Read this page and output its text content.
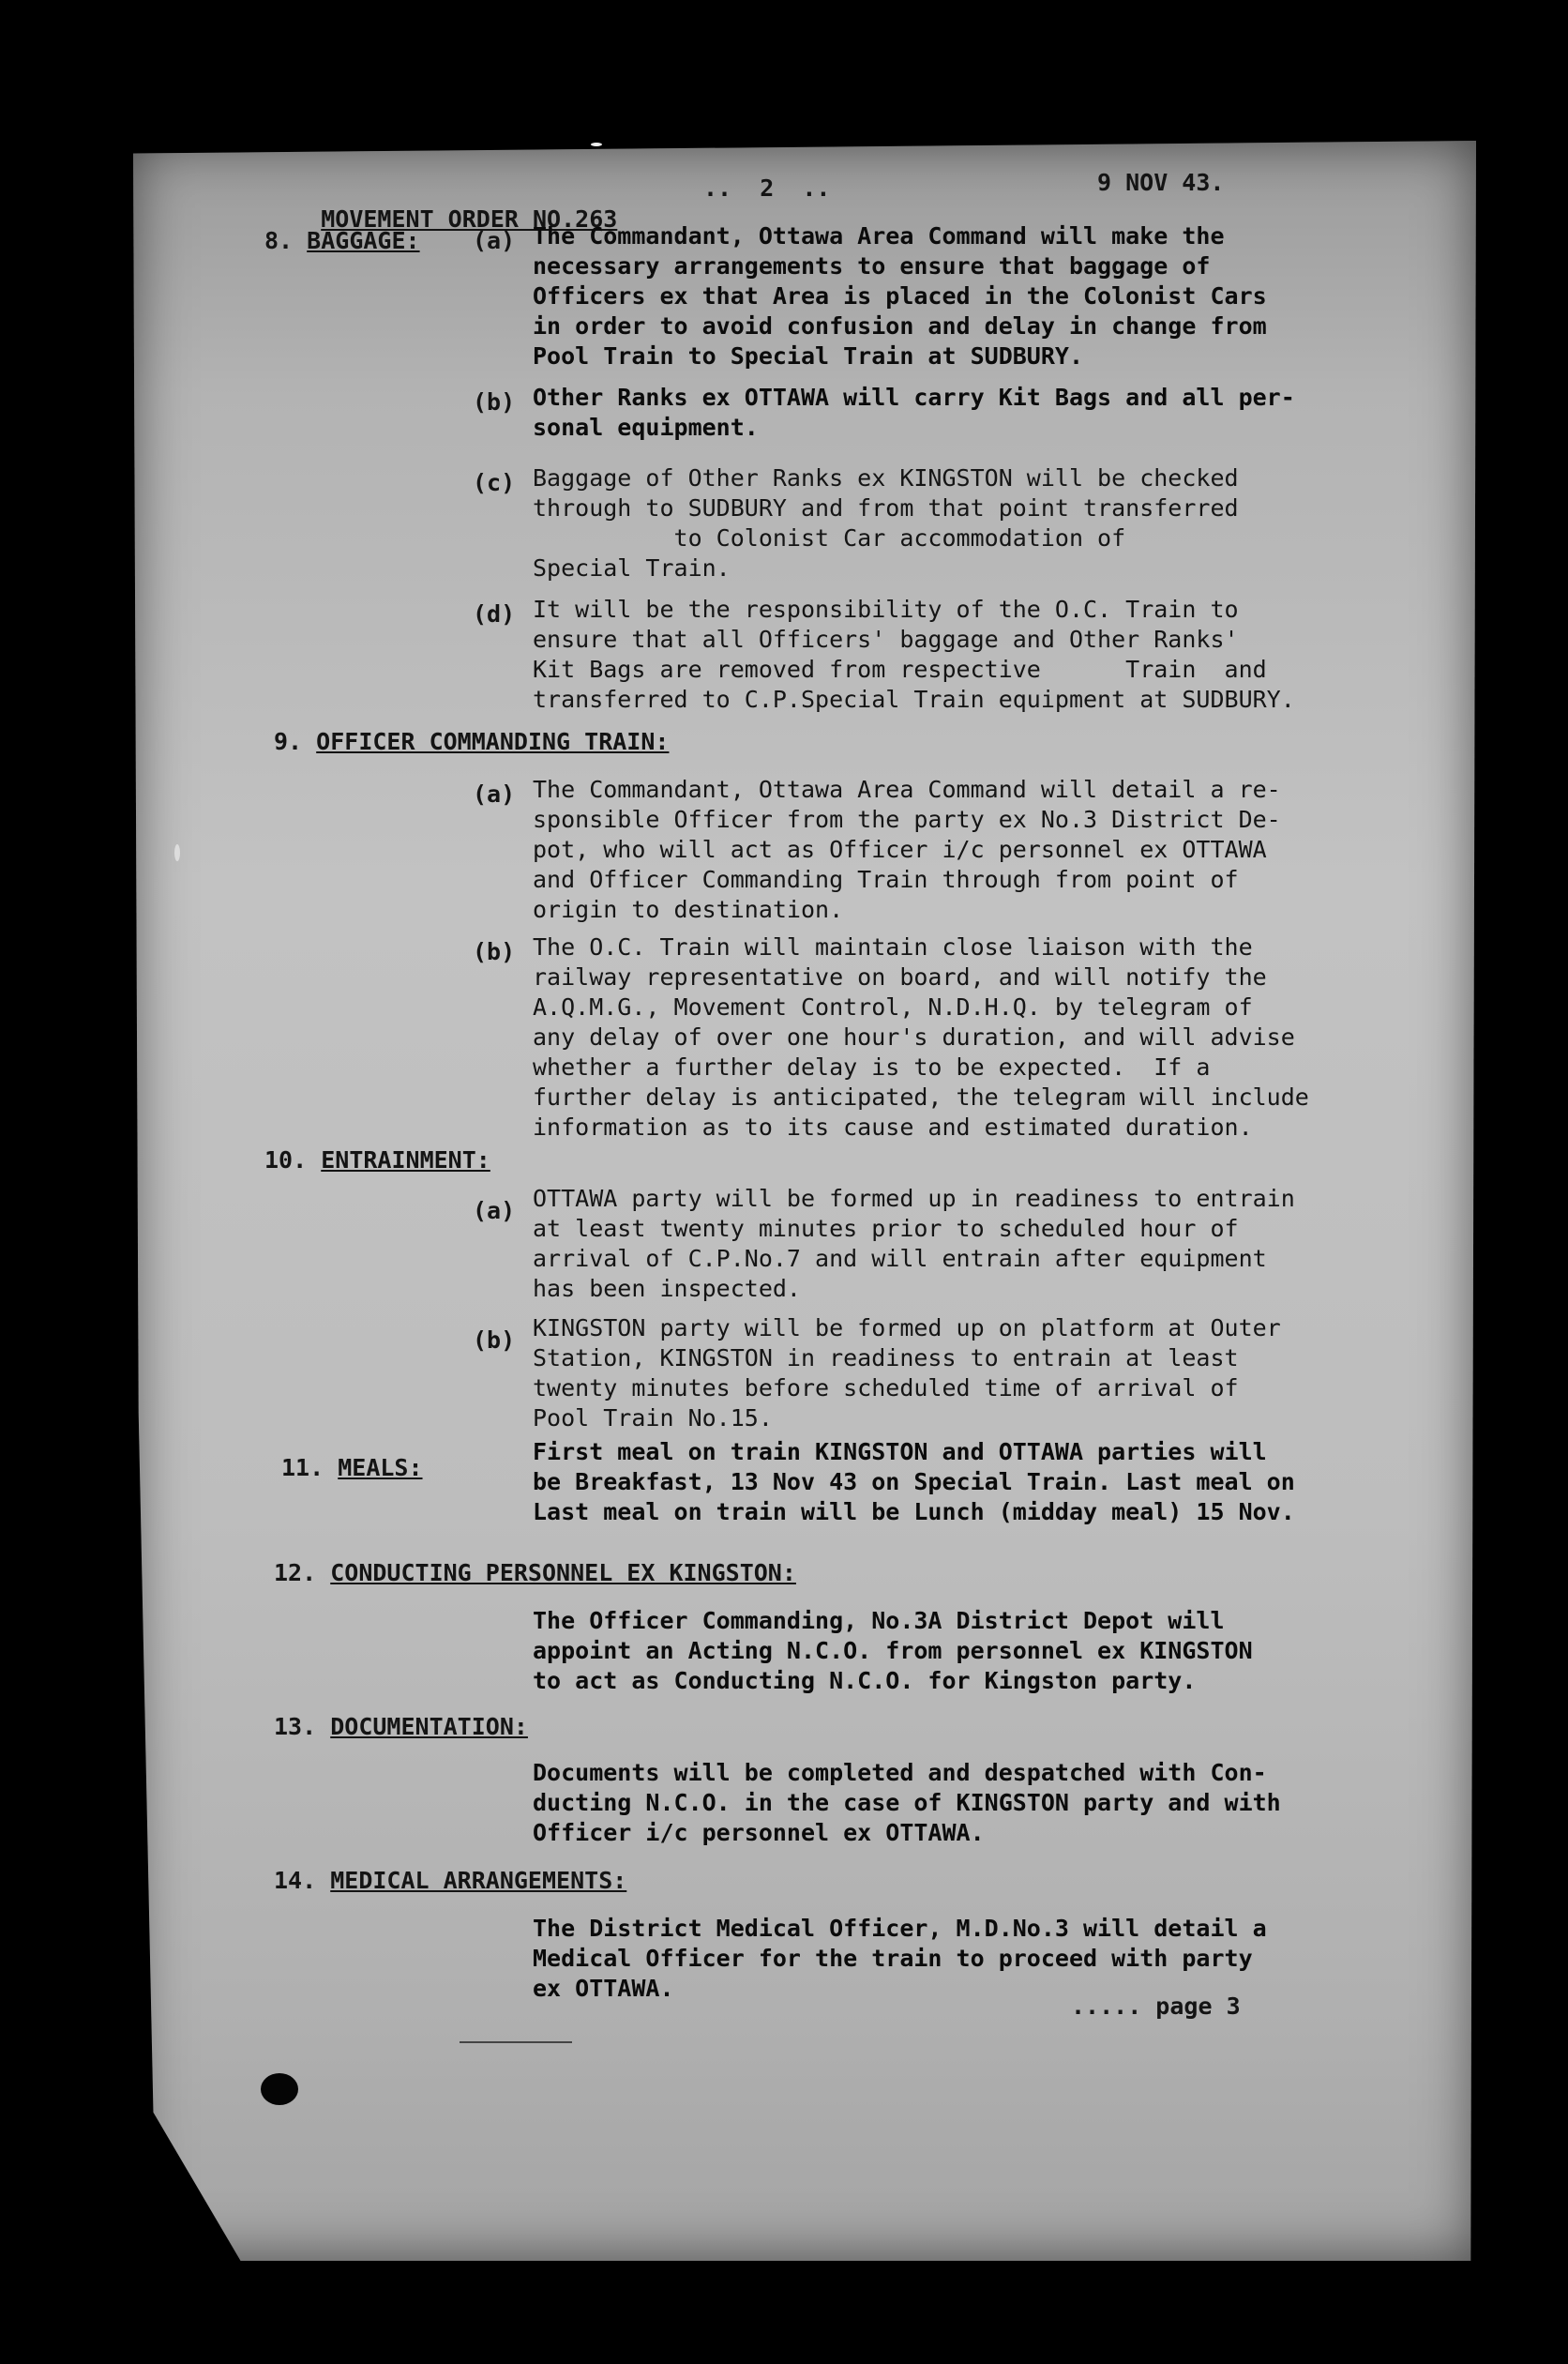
MOVEMENT ORDER NO.263

..  2  ..	9 NOV 43.
8. BAGGAGE: (a) The Commandant, Ottawa Area Command will make the
necessary arrangements to ensure that baggage of
Officers ex that Area is placed in the Colonist Cars
in order to avoid confusion and delay in change from
Pool Train to Special Train at SUDBURY.
(b) Other Ranks ex OTTAWA will carry Kit Bags and all per-
sonal equipment.
(c) Baggage of Other Ranks ex KINGSTON will be checked
through to SUDBURY and from that point transferred
to Colonist Car accommodation of
Special Train.
(d) It will be the responsibility of the O.C. Train to
ensure that all Officers' baggage and Other Ranks'
Kit Bags are removed from respective      Train  and
transferred to C.P.Special Train equipment at SUDBURY.
9. OFFICER COMMANDING TRAIN:
(a) The Commandant, Ottawa Area Command will detail a re-
sponsible Officer from the party ex No.3 District De-
pot, who will act as Officer i/c personnel ex OTTAWA
and Officer Commanding Train through from point of
origin to destination.
(b) The O.C. Train will maintain close liaison with the
railway representative on board, and will notify the
A.Q.M.G., Movement Control, N.D.H.Q. by telegram of
any delay of over one hour's duration, and will advise
whether a further delay is to be expected.  If a
further delay is anticipated, the telegram will include
information as to its cause and estimated duration.
10. ENTRAINMENT:
(a) OTTAWA party will be formed up in readiness to entrain
at least twenty minutes prior to scheduled hour of
arrival of C.P.No.7 and will entrain after equipment
has been inspected.
(b) KINGSTON party will be formed up on platform at Outer
Station, KINGSTON in readiness to entrain at least
twenty minutes before scheduled time of arrival of
Pool Train No.15.
11. MEALS:
First meal on train KINGSTON and OTTAWA parties will
be Breakfast, 13 Nov 43 on Special Train. Last meal on
Last meal on train will be Lunch (midday meal) 15 Nov.
12. CONDUCTING PERSONNEL EX KINGSTON:
The Officer Commanding, No.3A District Depot will
appoint an Acting N.C.O. from personnel ex KINGSTON
to act as Conducting N.C.O. for Kingston party.
13. DOCUMENTATION:
Documents will be completed and despatched with Con-
ducting N.C.O. in the case of KINGSTON party and with
Officer i/c personnel ex OTTAWA.
14. MEDICAL ARRANGEMENTS:
The District Medical Officer, M.D.No.3 will detail a
Medical Officer for the train to proceed with party
ex OTTAWA.
..... page 3
